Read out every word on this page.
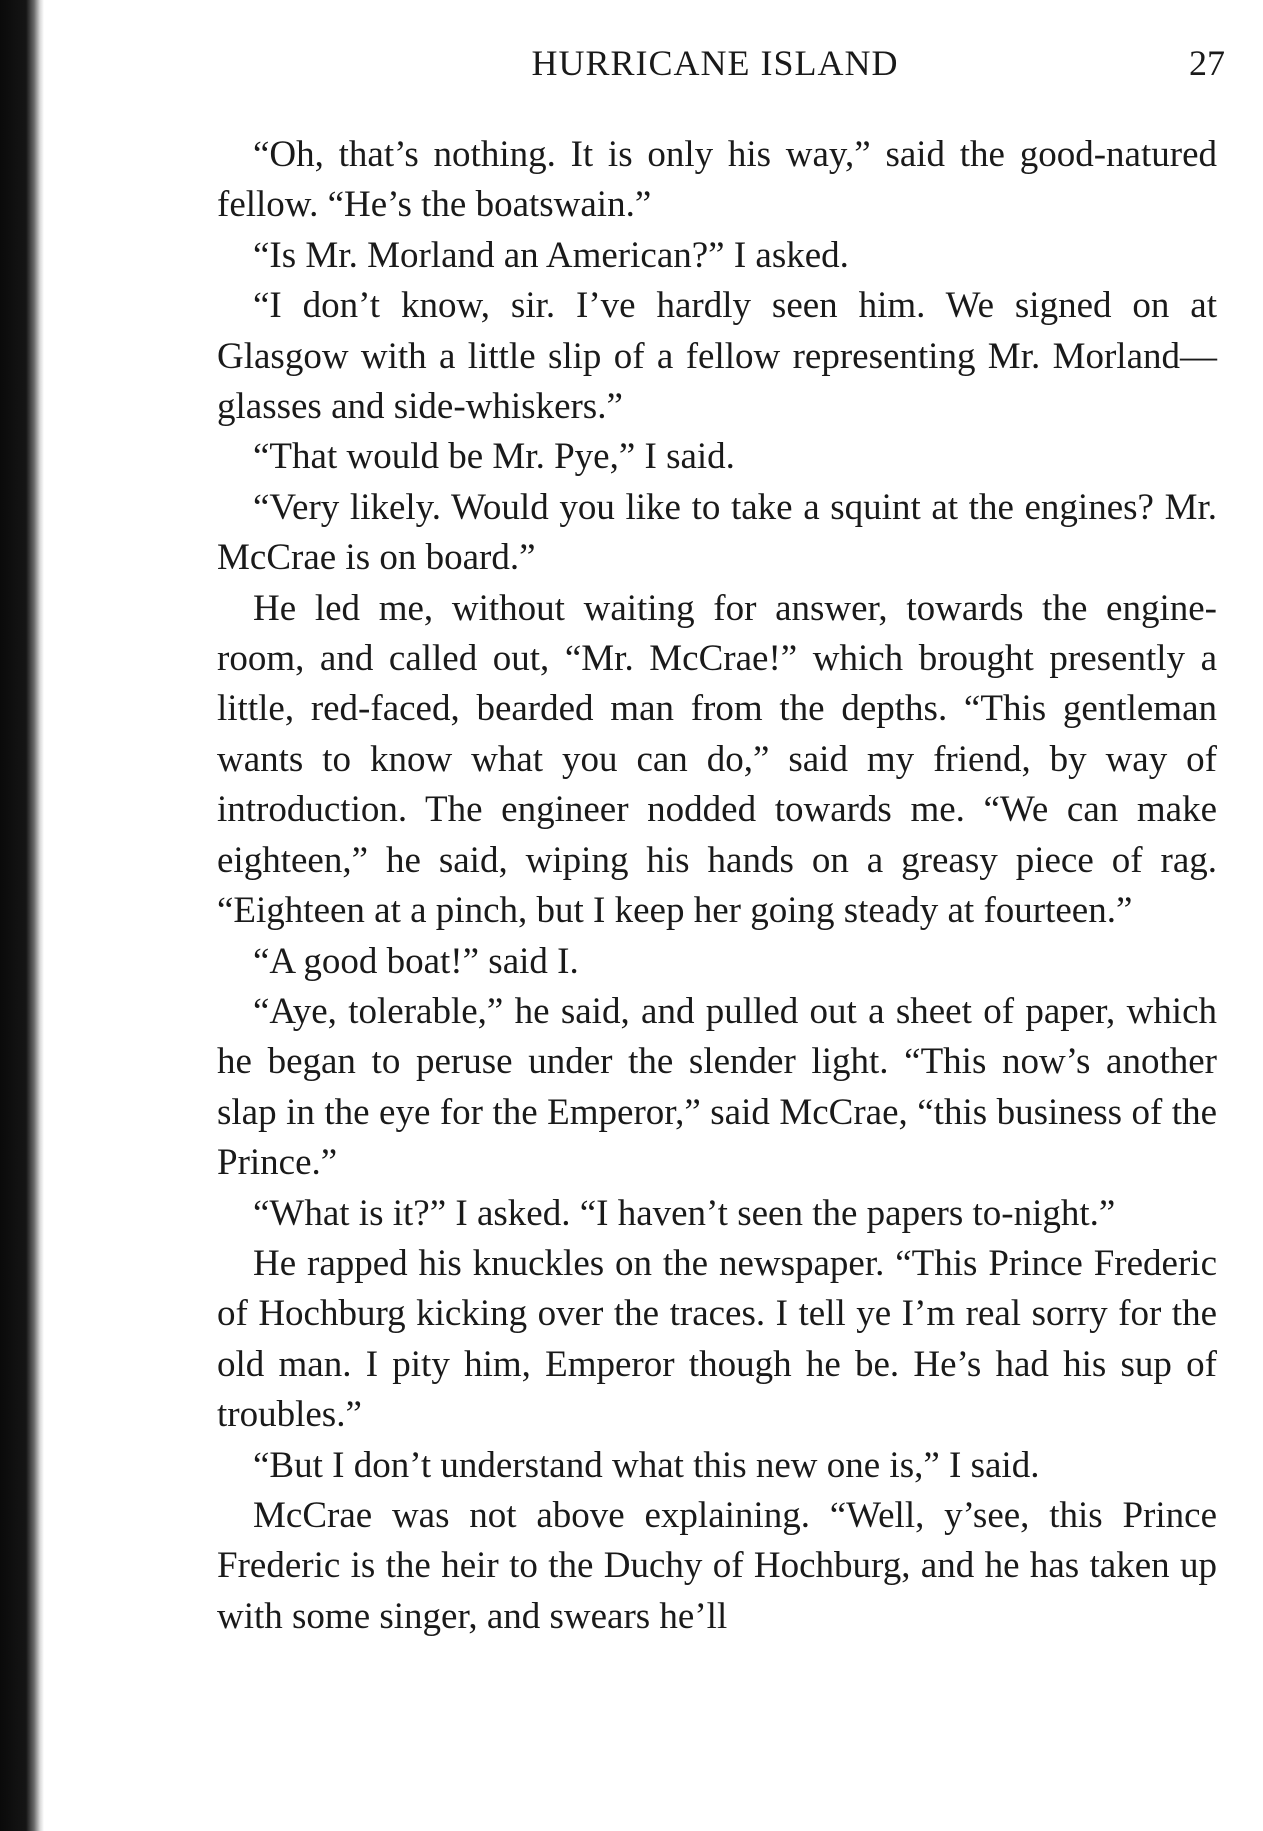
HURRICANE ISLAND	27

“Oh, that’s nothing. It is only his way,” said the good-natured fellow. “He’s the boatswain.”

“Is Mr. Morland an American?” I asked.

“I don’t know, sir. I’ve hardly seen him. We signed on at Glasgow with a little slip of a fellow representing Mr. Morland—glasses and side-whiskers.”

“That would be Mr. Pye,” I said.

“Very likely. Would you like to take a squint at the engines? Mr. McCrae is on board.”

He led me, without waiting for answer, towards the engine-room, and called out, “Mr. McCrae!” which brought presently a little, red-faced, bearded man from the depths. “This gentleman wants to know what you can do,” said my friend, by way of introduction. The engineer nodded towards me. “We can make eighteen,” he said, wiping his hands on a greasy piece of rag. “Eighteen at a pinch, but I keep her going steady at fourteen.”

“A good boat!” said I.

“Aye, tolerable,” he said, and pulled out a sheet of paper, which he began to peruse under the slender light. “This now’s another slap in the eye for the Emperor,” said McCrae, “this business of the Prince.”

“What is it?” I asked. “I haven’t seen the papers to-night.”

He rapped his knuckles on the newspaper. “This Prince Frederic of Hochburg kicking over the traces. I tell ye I’m real sorry for the old man. I pity him, Emperor though he be. He’s had his sup of troubles.”

“But I don’t understand what this new one is,” I said.

McCrae was not above explaining. “Well, y’see, this Prince Frederic is the heir to the Duchy of Hochburg, and he has taken up with some singer, and swears he’ll
